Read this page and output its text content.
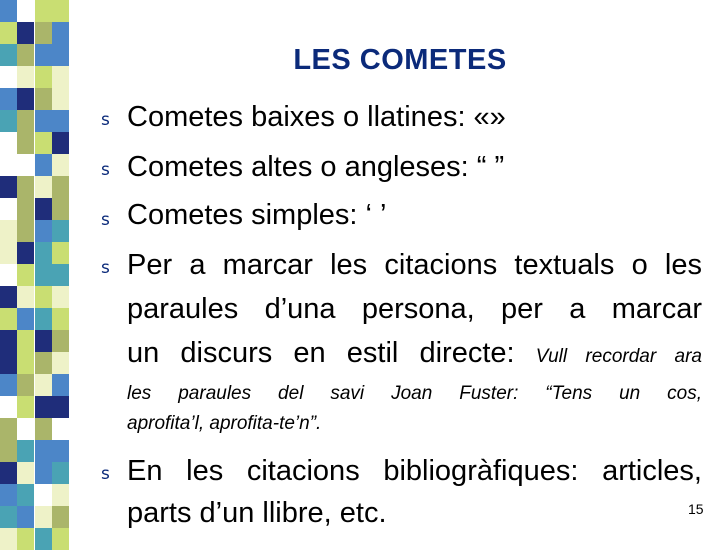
LES COMETES
s Cometes baixes o llatines: «»
s Cometes altes o angleses: “ ”
s Cometes simples: ‘ ’
s Per a marcar les citacions textuals o les
paraules d’una persona, per a marcar
un discurs en estil directe: Vull recordar ara
les paraules del savi Joan Fuster: “Tens un cos,
aprofita’l, aprofita-te’n”.
s En les citacions bibliogràfiques: articles,
parts d’un llibre, etc.	15
